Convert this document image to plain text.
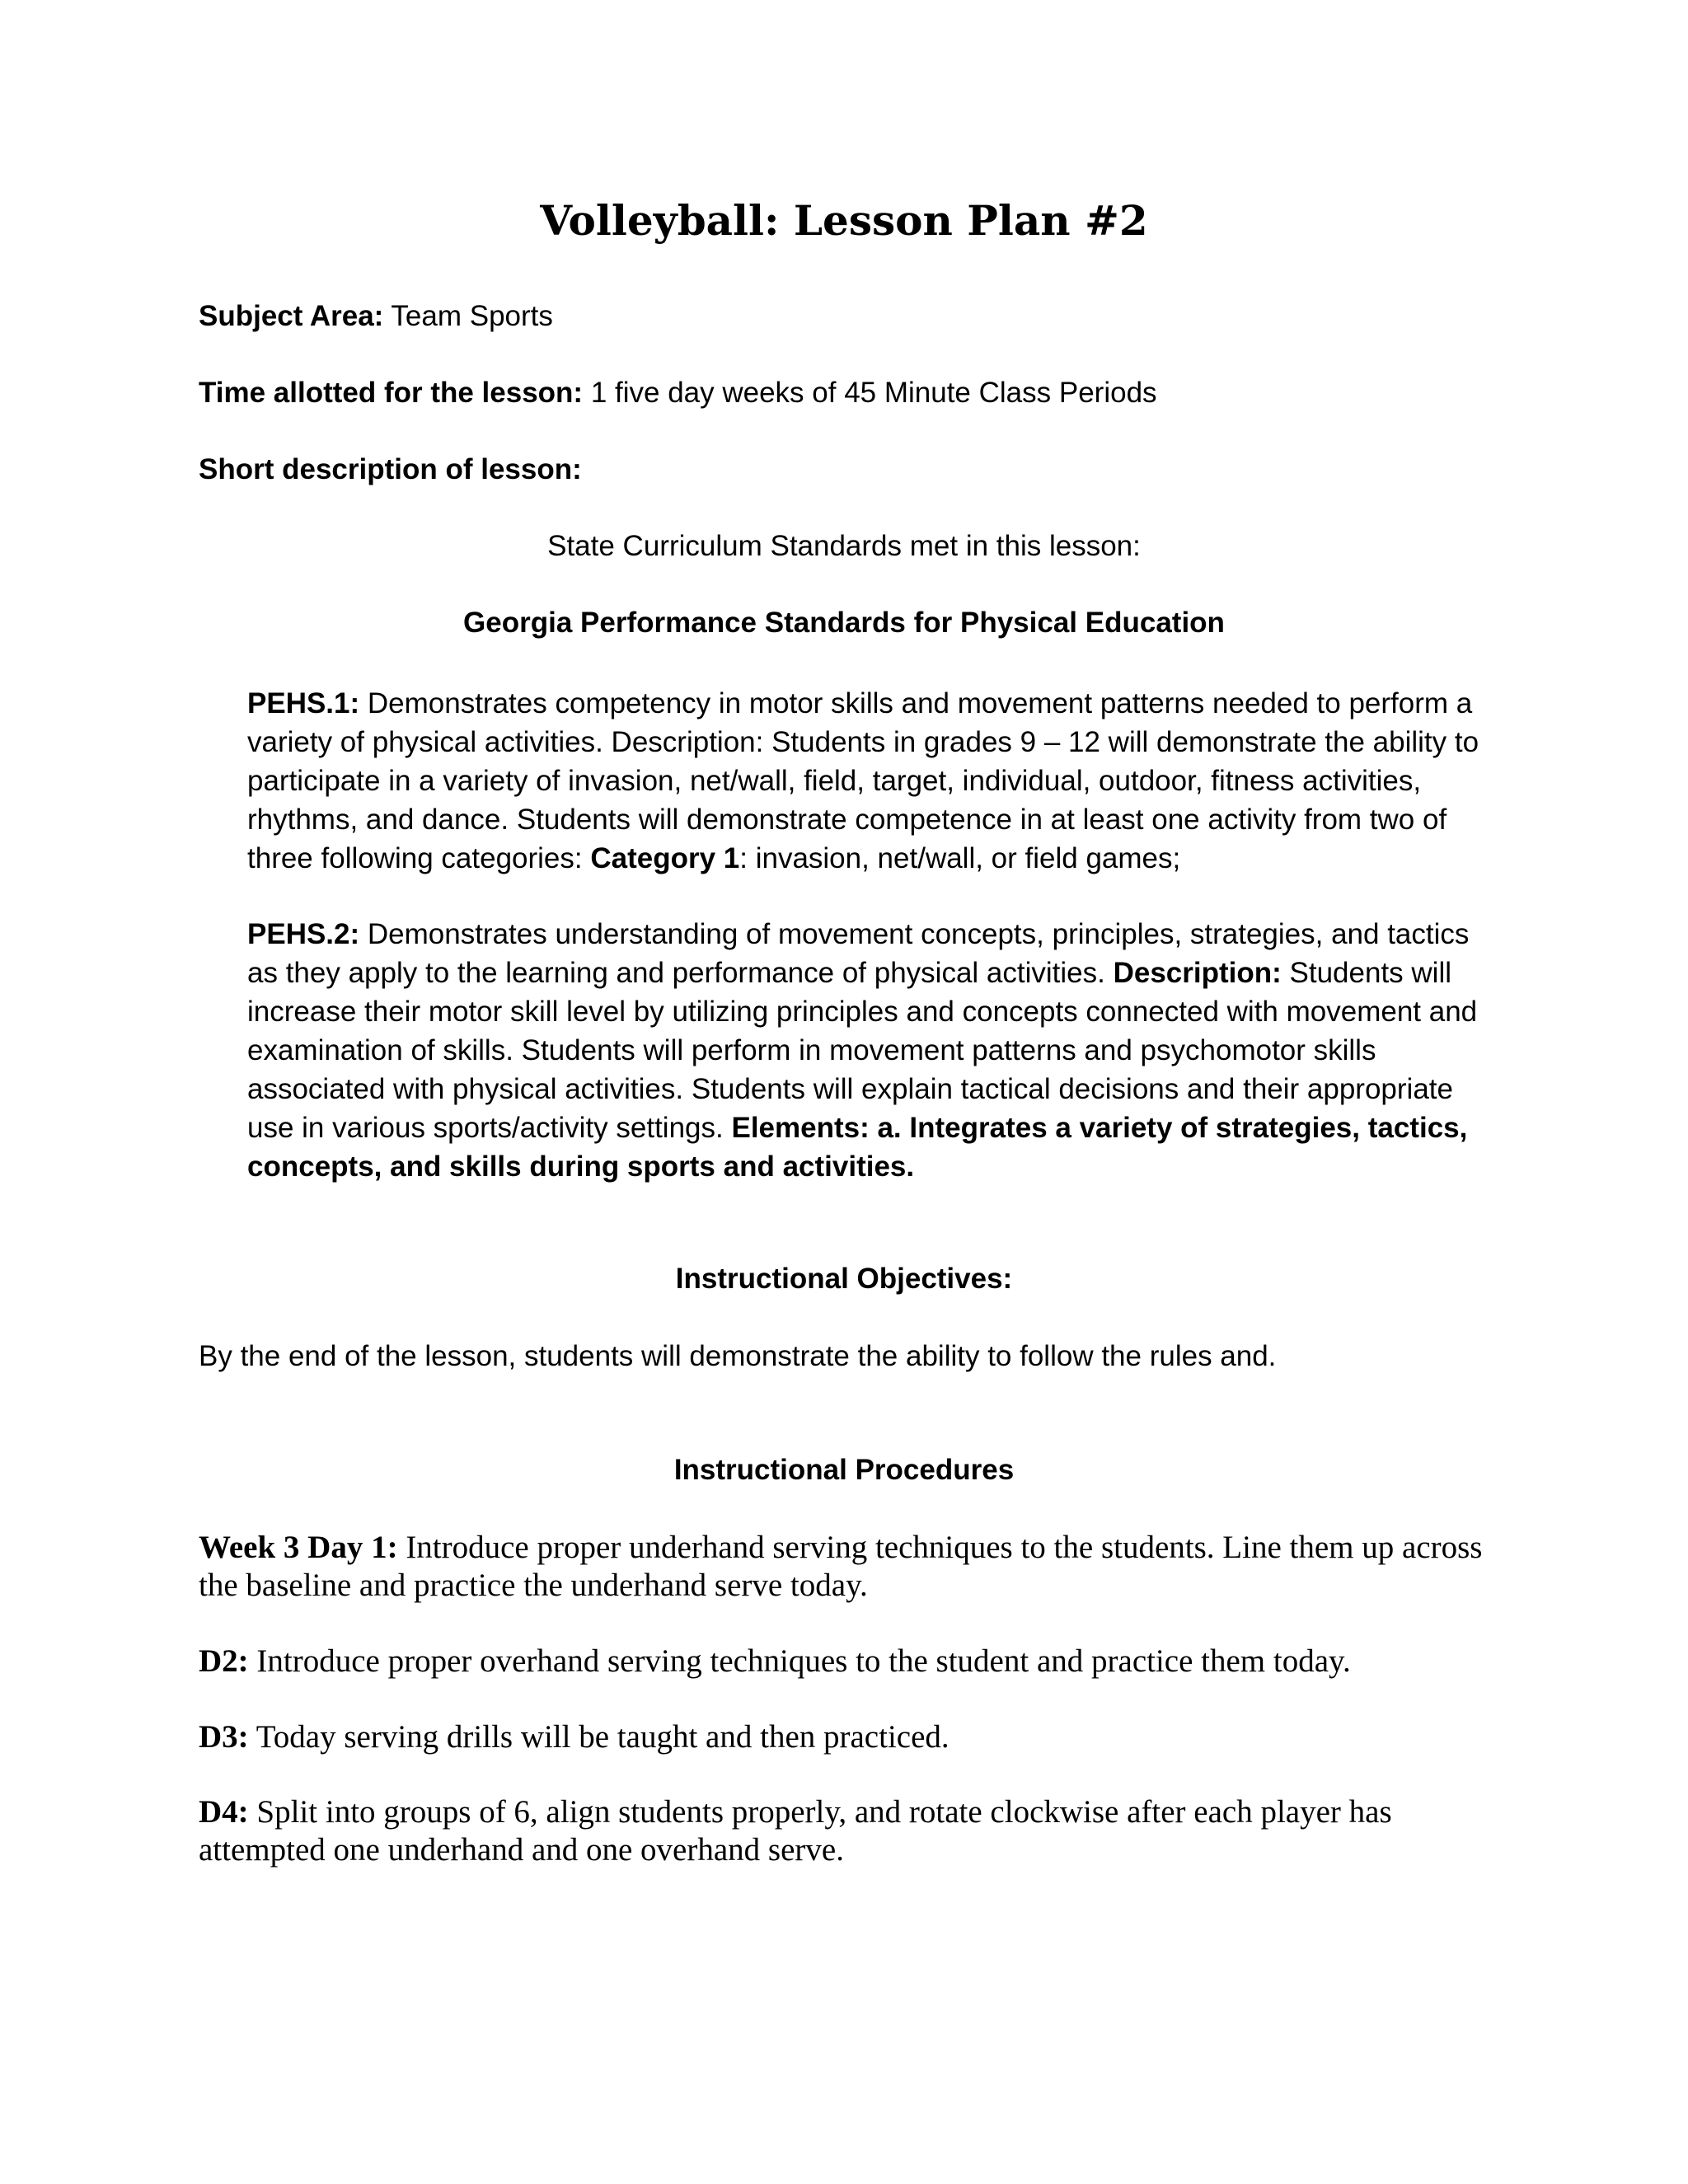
Volleyball: Lesson Plan #2
Subject Area: Team Sports
Time allotted for the lesson: 1 five day weeks of 45 Minute Class Periods
Short description of lesson:
State Curriculum Standards met in this lesson:
Georgia Performance Standards for Physical Education
PEHS.1: Demonstrates competency in motor skills and movement patterns needed to perform a variety of physical activities. Description: Students in grades 9 – 12 will demonstrate the ability to participate in a variety of invasion, net/wall, field, target, individual, outdoor, fitness activities, rhythms, and dance. Students will demonstrate competence in at least one activity from two of three following categories: Category 1: invasion, net/wall, or field games;
PEHS.2: Demonstrates understanding of movement concepts, principles, strategies, and tactics as they apply to the learning and performance of physical activities. Description: Students will increase their motor skill level by utilizing principles and concepts connected with movement and examination of skills. Students will perform in movement patterns and psychomotor skills associated with physical activities. Students will explain tactical decisions and their appropriate use in various sports/activity settings. Elements: a. Integrates a variety of strategies, tactics, concepts, and skills during sports and activities.
Instructional Objectives:
By the end of the lesson, students will demonstrate the ability to follow the rules and.
Instructional Procedures
Week 3 Day 1: Introduce proper underhand serving techniques to the students. Line them up across the baseline and practice the underhand serve today.
D2: Introduce proper overhand serving techniques to the student and practice them today.
D3: Today serving drills will be taught and then practiced.
D4: Split into groups of 6, align students properly, and rotate clockwise after each player has attempted one underhand and one overhand serve.
